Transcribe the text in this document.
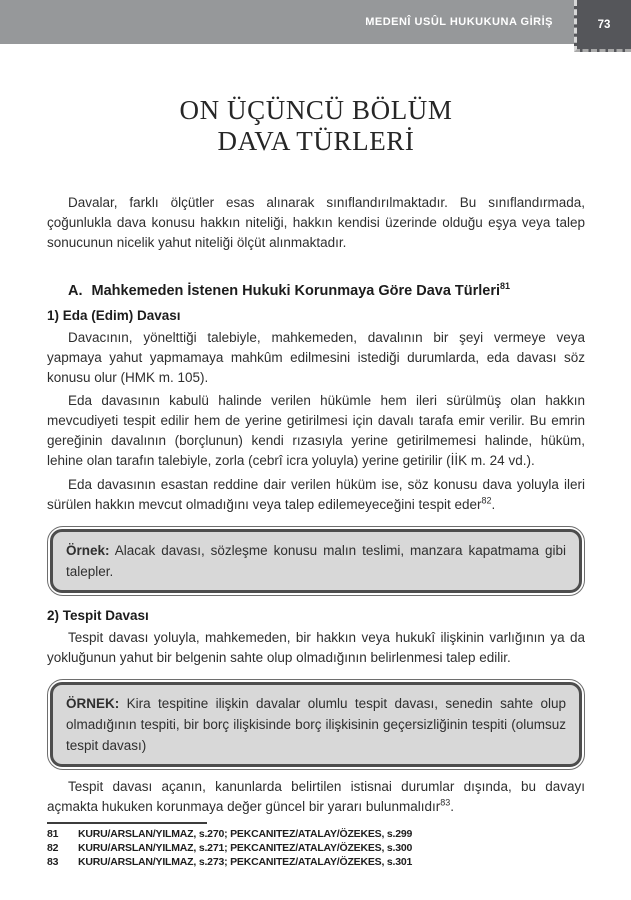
MEDENÎ USÛL HUKUKUNA GİRİŞ	73
ON ÜÇÜNCÜ BÖLÜM
DAVA TÜRLERİ

Davalar, farklı ölçütler esas alınarak sınıflandırılmaktadır. Bu sınıflandırmada, çoğunlukla dava konusu hakkın niteliği, hakkın kendisi üzerinde olduğu eşya veya talep sonucunun nicelik yahut niteliği ölçüt alınmaktadır.

A. Mahkemeden İstenen Hukuki Korunmaya Göre Dava Türleri$^{81}$
1) Eda (Edim) Davası

Davacının, yönelttiği talebiyle, mahkemeden, davalının bir şeyi vermeye veya yapmaya yahut yapmamaya mahkûm edilmesini istediği durumlarda, eda davası söz konusu olur (HMK m. 105).

Eda davasının kabulü halinde verilen hükümle hem ileri sürülmüş olan hakkın mevcudiyeti tespit edilir hem de yerine getirilmesi için davalı tarafa emir verilir. Bu emrin gereğinin davalının (borçlunun) kendi rızasıyla yerine getirilmemesi halinde, hüküm, lehine olan tarafın talebiyle, zorla (cebrî icra yoluyla) yerine getirilir (İİK m. 24 vd.).

Eda davasının esastan reddine dair verilen hüküm ise, söz konusu dava yoluyla ileri sürülen hakkın mevcut olmadığını veya talep edilemeyeceğini tespit eder$^{82}$.

Örnek: Alacak davası, sözleşme konusu malın teslimi, manzara kapatmama gibi talepler.
2) Tespit Davası

Tespit davası yoluyla, mahkemeden, bir hakkın veya hukukî ilişkinin varlığının ya da yokluğunun yahut bir belgenin sahte olup olmadığının belirlenmesi talep edilir.

ÖRNEK: Kira tespitine ilişkin davalar olumlu tespit davası, senedin sahte olup olmadığının tespiti, bir borç ilişkisinde borç ilişkisinin geçersizliğinin tespiti (olumsuz tespit davası)

Tespit davası açanın, kanunlarda belirtilen istisnai durumlar dışında, bu davayı açmakta hukuken korunmaya değer güncel bir yararı bulunmalıdır$^{83}$.

81	KURU/ARSLAN/YILMAZ, s.270; PEKCANITEZ/ATALAY/ÖZEKES, s.299
82	KURU/ARSLAN/YILMAZ, s.271; PEKCANITEZ/ATALAY/ÖZEKES, s.300
83	KURU/ARSLAN/YILMAZ, s.273; PEKCANITEZ/ATALAY/ÖZEKES, s.301
